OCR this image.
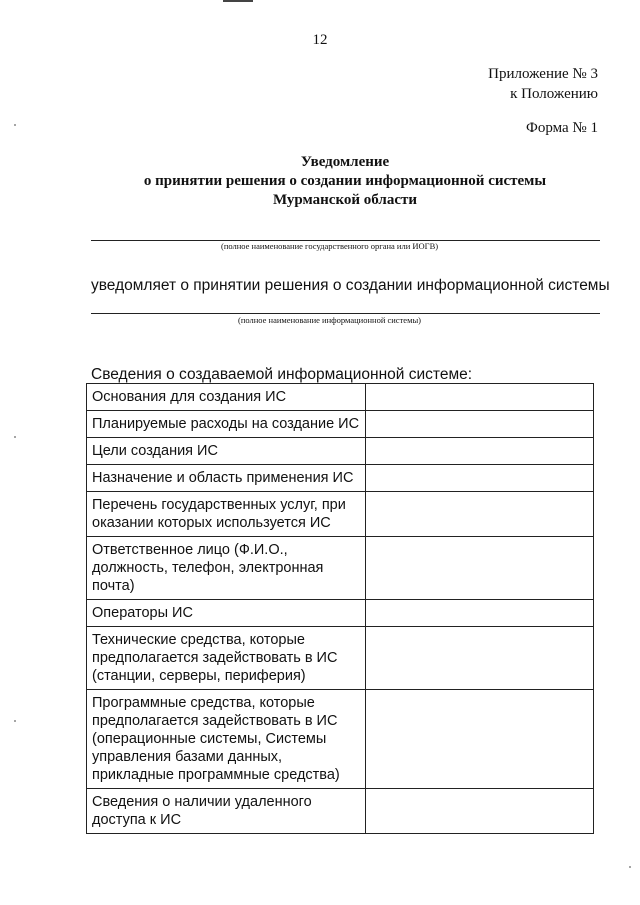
12
Приложение № 3
к Положению
Форма № 1
Уведомление
о принятии решения о создании информационной системы
Мурманской области
(полное наименование государственного органа или ИОГВ)
уведомляет о принятии решения о создании информационной системы
(полное наименование информационной системы)
Сведения о создаваемой информационной системе:
Основания для создания ИС	
Планируемые расходы на создание ИС	
Цели создания ИС	
Назначение и область применения ИС	
Перечень государственных услуг, при оказании которых используется ИС	
Ответственное лицо (Ф.И.О., должность, телефон, электронная почта)	
Операторы ИС	
Технические средства, которые предполагается задействовать в ИС (станции, серверы, периферия)	
Программные средства, которые предполагается задействовать в ИС (операционные системы, Системы управления базами данных, прикладные программные средства)	
Сведения о наличии удаленного доступа к ИС	
